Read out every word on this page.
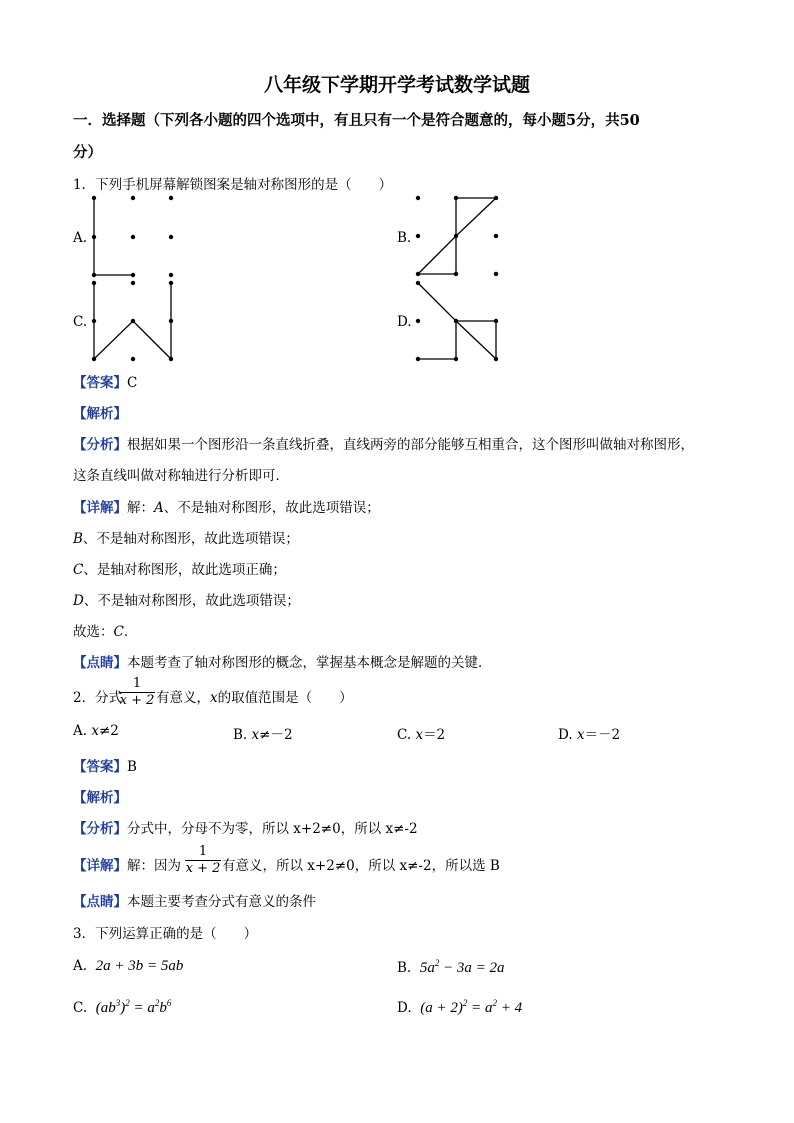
八年级下学期开学考试数学试题
一．选择题（下列各小题的四个选项中，有且只有一个是符合题意的，每小题5分，共50
分）
1．下列手机屏幕解锁图案是轴对称图形的是（　　）
A.	B.
C.	D.
【答案】C
【解析】
【分析】根据如果一个图形沿一条直线折叠，直线两旁的部分能够互相重合，这个图形叫做轴对称图形，
这条直线叫做对称轴进行分析即可．
【详解】解：A、不是轴对称图形，故此选项错误；
B、不是轴对称图形，故此选项错误；
C、是轴对称图形，故此选项正确；
D、不是轴对称图形，故此选项错误；
故选：C．
【点睛】本题考查了轴对称图形的概念，掌握基本概念是解题的关键．
2．分式
1
x + 2 有意义，x的取值范围是（　　）
A. x≠2	B. x≠－2	C. x＝2	D. x＝－2
【答案】B
【解析】
【分析】分式中，分母不为零，所以 x+2≠0，所以 x≠-2
【详解】解：因为
1
x + 2 有意义，所以 x+2≠0，所以 x≠-2，所以选 B
【点睛】本题主要考查分式有意义的条件
3．下列运算正确的是（　　）
A. 2a + 3b = 5ab	B. $5a^2 - 3a = 2a$
C. $(ab^3)^2 = a^2b^6$	D. $(a + 2)^2 = a^2 + 4$
